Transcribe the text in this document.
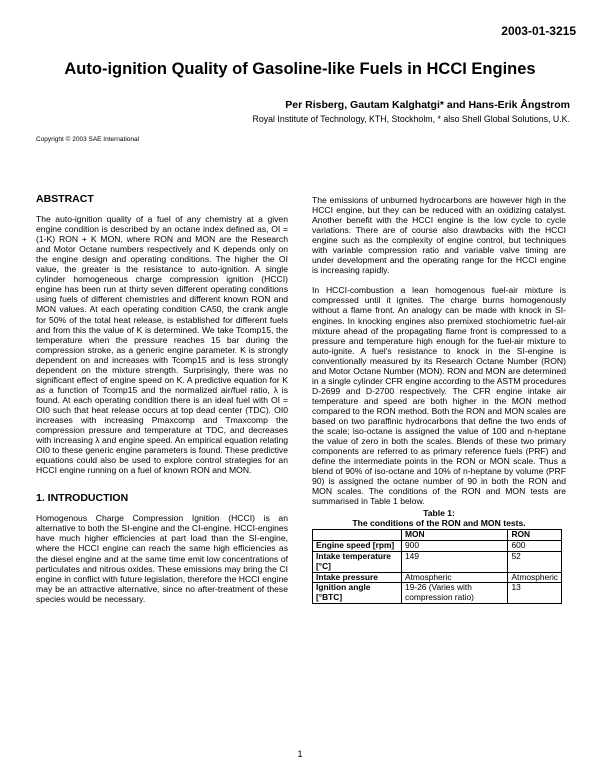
2003-01-3215
Auto-ignition Quality of Gasoline-like Fuels in HCCI Engines
Per Risberg, Gautam Kalghatgi* and Hans-Erik Ångstrom
Royal Institute of Technology, KTH, Stockholm, * also Shell Global Solutions, U.K.
Copyright © 2003 SAE International
ABSTRACT

The auto-ignition quality of a fuel of any chemistry at a given engine condition is described by an octane index defined as, OI = (1-K) RON + K MON, where RON and MON are the Research and Motor Octane numbers respectively and K depends only on the engine design and operating conditions. The higher the OI value, the greater is the resistance to auto-ignition. A single cylinder homogeneous charge compression ignition (HCCI) engine has been run at thirty seven different operating conditions using fuels of different chemistries and different known RON and MON values. At each operating condition CA50, the crank angle for 50% of the total heat release, is established for different fuels and from this the value of K is determined. We take Tcomp15, the temperature when the pressure reaches 15 bar during the compression stroke, as a generic engine parameter. K is strongly dependent on and increases with Tcomp15 and is less strongly dependent on the mixture strength. Surprisingly, there was no significant effect of engine speed on K. A predictive equation for K as a function of Tcomp15 and the normalized air/fuel ratio, λ is found. At each operating condition there is an ideal fuel with OI = OI0 such that heat release occurs at top dead center (TDC). OI0 increases with increasing Pmaxcomp and Tmaxcomp the compression pressure and temperature at TDC, and decreases with increasing λ and engine speed. An empirical equation relating OI0 to these generic engine parameters is found. These predictive equations could also be used to explore control strategies for an HCCI engine running on a fuel of known RON and MON.

1. INTRODUCTION

Homogenous Charge Compression Ignition (HCCI) is an alternative to both the SI-engine and the CI-engine. HCCI-engines have much higher efficiencies at part load than the SI-engine, where the HCCI engine can reach the same high efficiencies as the diesel engine and at the same time emit low concentrations of particulates and nitrous oxides. These emissions may bring the CI engine in conflict with future legislation, therefore the HCCI engine may be an attractive alternative, since no after-treatment of these species would be necessary.

The emissions of unburned hydrocarbons are however high in the HCCI engine, but they can be reduced with an oxidizing catalyst. Another benefit with the HCCI engine is the low cycle to cycle variations. There are of course also drawbacks with the HCCI engine such as the complexity of engine control, but techniques with variable compression ratio and variable valve timing are under development and the operating range for the HCCI engine is increasing rapidly.

In HCCI-combustion a lean homogenous fuel-air mixture is compressed until it ignites. The charge burns homogenously without a flame front. An analogy can be made with knock in SI-engines. In knocking engines also premixed stochiometric fuel-air mixture ahead of the propagating flame front is compressed to a pressure and temperature high enough for the fuel-air mixture to auto-ignite. A fuel's resistance to knock in the SI-engine is conventionally measured by its Research Octane Number (RON) and Motor Octane Number (MON). RON and MON are determined in a single cylinder CFR engine according to the ASTM procedures D-2699 and D-2700 respectively. The CFR engine intake air temperature and speed are both higher in the MON method compared to the RON method. Both the RON and MON scales are based on two paraffinic hydrocarbons that define the two ends of the scale; iso-octane is assigned the value of 100 and n-heptane the value of zero in both the scales. Blends of these two primary components are referred to as primary reference fuels (PRF) and define the intermediate points in the RON or MON scale. Thus a blend of 90% of iso-octane and 10% of n-heptane by volume (PRF 90) is assigned the octane number of 90 in both the RON and MON scales. The conditions of the RON and MON tests are summarised in Table 1 below.

Table 1:
The conditions of the RON and MON tests.
	MON	RON
Engine speed [rpm]	900	600
Intake temperature [°C]	149	52
Intake pressure	Atmospheric	Atmospheric
Ignition angle [°BTC]	19-26 (Varies with compression ratio)	13
1
